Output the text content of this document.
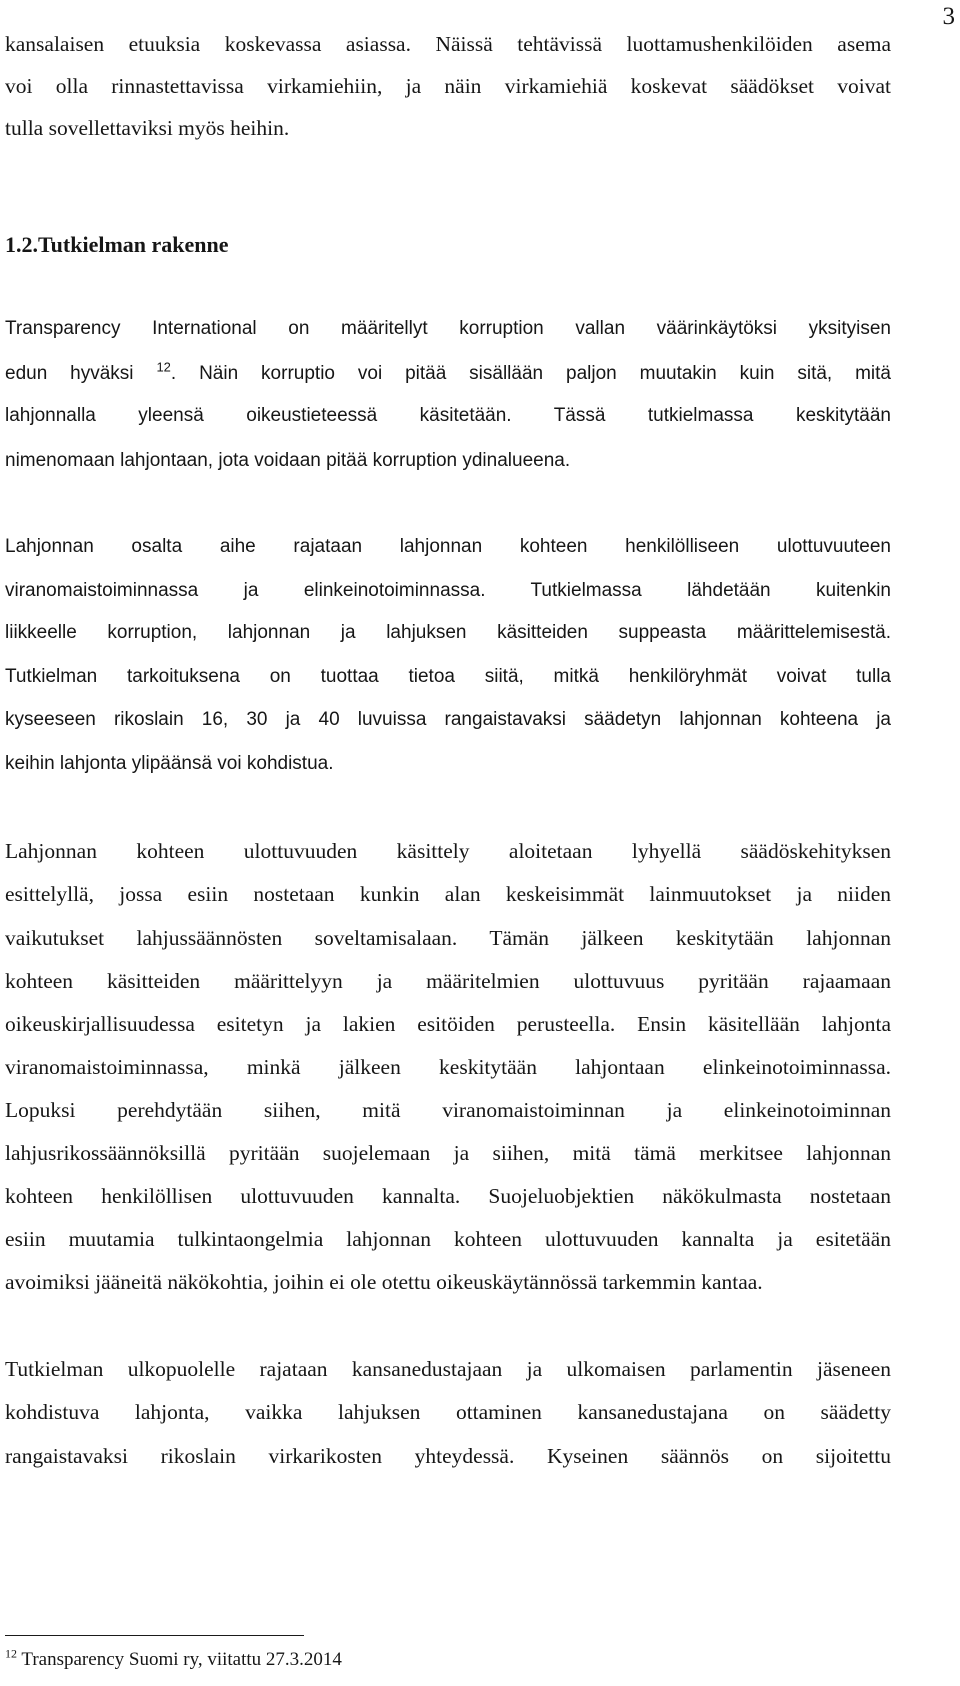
3

kansalaisen etuuksia koskevassa asiassa. Näissä tehtävissä luottamushenkilöiden asema

voi olla rinnastettavissa virkamiehiin, ja näin virkamiehiä koskevat säädökset voivat

tulla sovellettaviksi myös heihin.

1.2.Tutkielman rakenne

Transparency International on määritellyt korruption vallan väärinkäytöksi yksityisen

edun hyväksi $^{12}$. Näin korruptio voi pitää sisällään paljon muutakin kuin sitä, mitä

lahjonnalla yleensä oikeustieteessä käsitetään. Tässä tutkielmassa keskitytään

nimenomaan lahjontaan, jota voidaan pitää korruption ydinalueena.

Lahjonnan osalta aihe rajataan lahjonnan kohteen henkilölliseen ulottuvuuteen

viranomaistoiminnassa ja elinkeinotoiminnassa. Tutkielmassa lähdetään kuitenkin

liikkeelle korruption, lahjonnan ja lahjuksen käsitteiden suppeasta määrittelemisestä.

Tutkielman tarkoituksena on tuottaa tietoa siitä, mitkä henkilöryhmät voivat tulla

kyseeseen rikoslain 16, 30 ja 40 luvuissa rangaistavaksi säädetyn lahjonnan kohteena ja

keihin lahjonta ylipäänsä voi kohdistua.

Lahjonnan kohteen ulottuvuuden käsittely aloitetaan lyhyellä säädöskehityksen

esittelyllä, jossa esiin nostetaan kunkin alan keskeisimmät lainmuutokset ja niiden

vaikutukset lahjussäännösten soveltamisalaan. Tämän jälkeen keskitytään lahjonnan

kohteen käsitteiden määrittelyyn ja määritelmien ulottuvuus pyritään rajaamaan

oikeuskirjallisuudessa esitetyn ja lakien esitöiden perusteella. Ensin käsitellään lahjonta

viranomaistoiminnassa, minkä jälkeen keskitytään lahjontaan elinkeinotoiminnassa.

Lopuksi perehdytään siihen, mitä viranomaistoiminnan ja elinkeinotoiminnan

lahjusrikossäännöksillä pyritään suojelemaan ja siihen, mitä tämä merkitsee lahjonnan

kohteen henkilöllisen ulottuvuuden kannalta. Suojeluobjektien näkökulmasta nostetaan

esiin muutamia tulkintaongelmia lahjonnan kohteen ulottuvuuden kannalta ja esitetään

avoimiksi jääneitä näkökohtia, joihin ei ole otettu oikeuskäytännössä tarkemmin kantaa.

Tutkielman ulkopuolelle rajataan kansanedustajaan ja ulkomaisen parlamentin jäseneen

kohdistuva lahjonta, vaikka lahjuksen ottaminen kansanedustajana on säädetty

rangaistavaksi rikoslain virkarikosten yhteydessä. Kyseinen säännös on sijoitettu

$^{12}$ Transparency Suomi ry, viitattu 27.3.2014
